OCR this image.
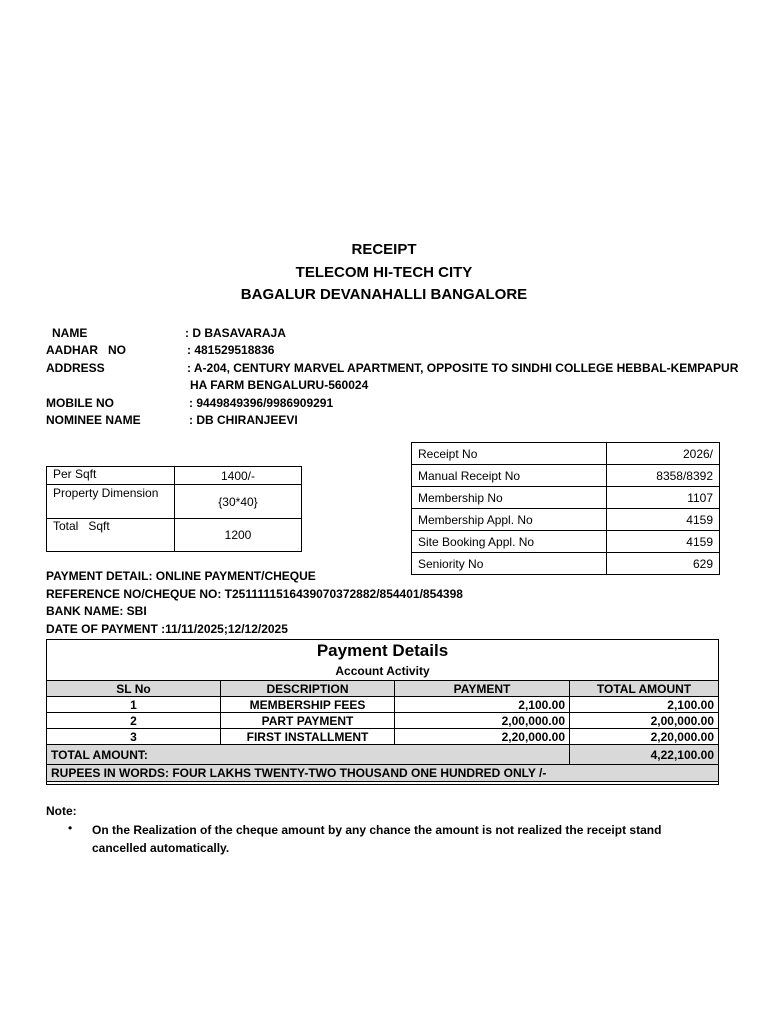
RECEIPT
TELECOM HI-TECH CITY
BAGALUR DEVANAHALLI BANGALORE
NAME	: D BASAVARAJA
AADHAR   NO	: 481529518836
ADDRESS	: A-204, CENTURY MARVEL APARTMENT, OPPOSITE TO SINDHI COLLEGE HEBBAL-KEMPAPUR
HA FARM BENGALURU-560024
MOBILE NO	: 9449849396/9986909291
NOMINEE NAME	: DB CHIRANJEEVI
Receipt No	2026/
Manual Receipt No	8358/8392
Membership No	1107
Membership Appl. No	4159
Site Booking Appl. No	4159
Seniority No	629
Per Sqft	1400/-
Property Dimension	{30*40}
Total   Sqft	1200
PAYMENT DETAIL: ONLINE PAYMENT/CHEQUE
REFERENCE NO/CHEQUE NO: T2511111516439070372882/854401/854398
BANK NAME: SBI
DATE OF PAYMENT :11/11/2025;12/12/2025
Payment Details
Account Activity
SL No	DESCRIPTION	PAYMENT	TOTAL AMOUNT
1	MEMBERSHIP FEES	2,100.00	2,100.00
2	PART PAYMENT	2,00,000.00	2,00,000.00
3	FIRST INSTALLMENT	2,20,000.00	2,20,000.00
TOTAL AMOUNT:			4,22,100.00
RUPEES IN WORDS: FOUR LAKHS TWENTY-TWO THOUSAND ONE HUNDRED ONLY /-			
Note:
• On the Realization of the cheque amount by any chance the amount is not realized the receipt stand cancelled automatically.
